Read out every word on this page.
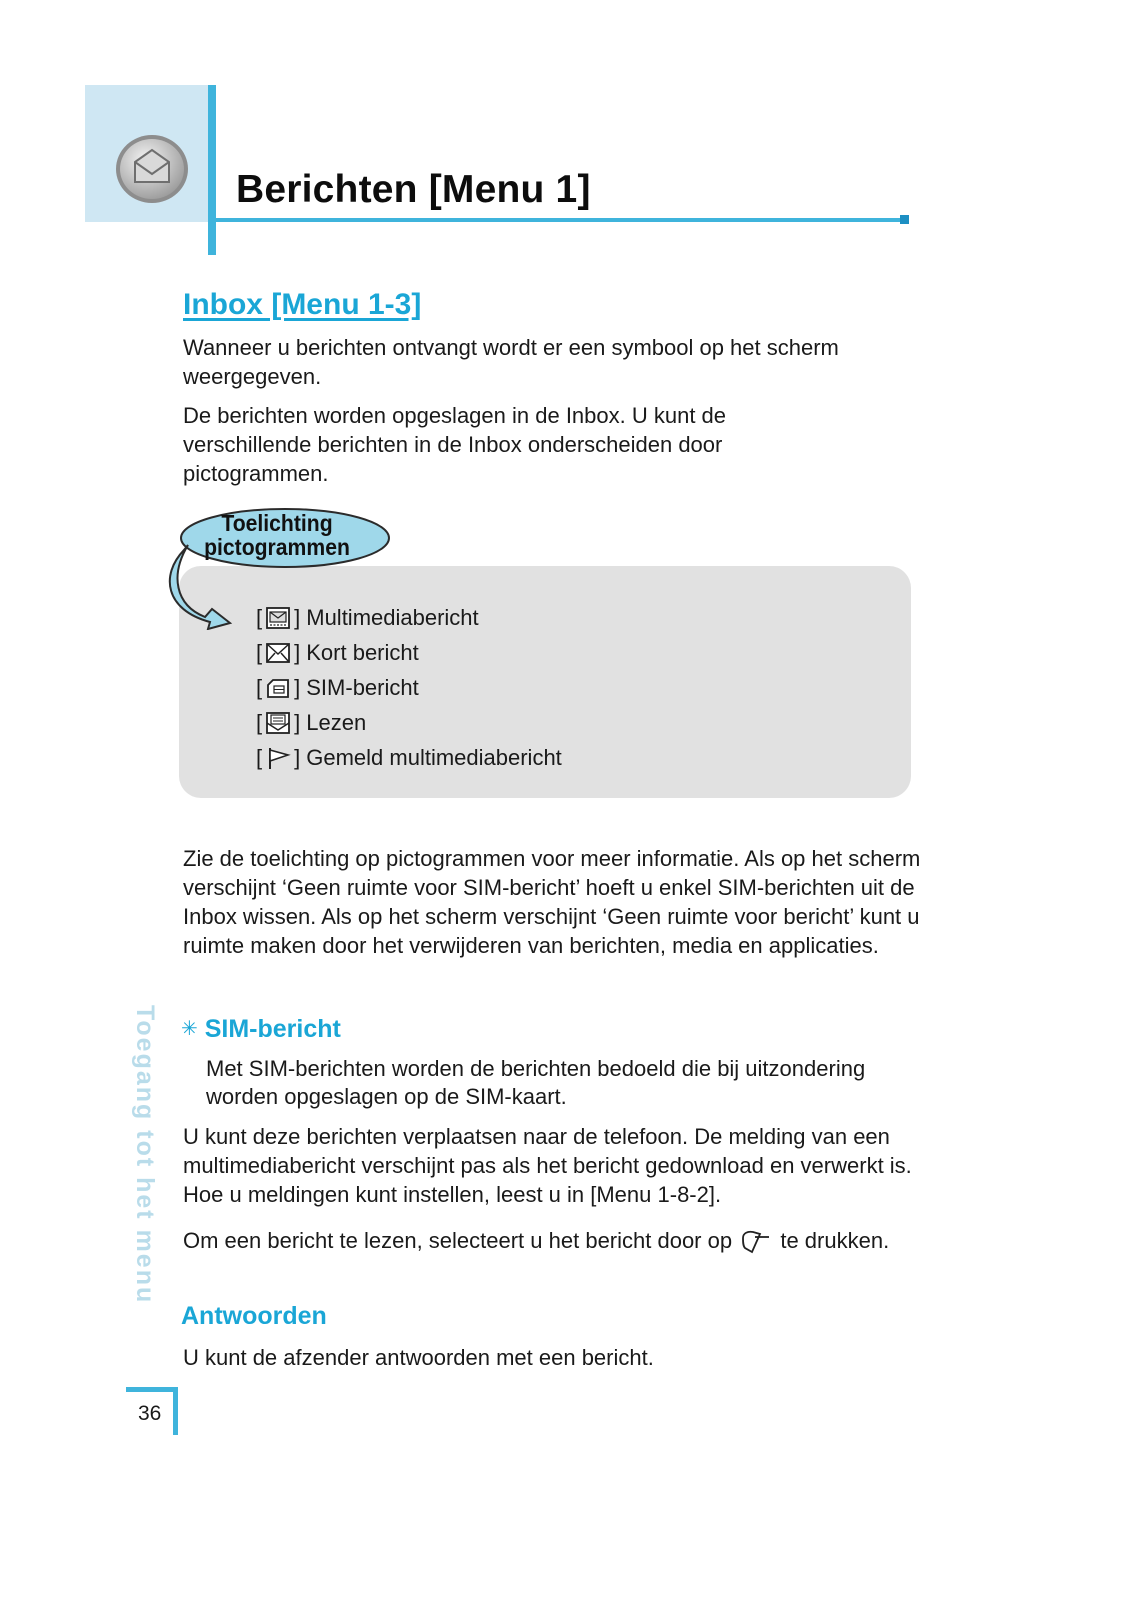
Berichten [Menu 1]
Inbox [Menu 1-3]

Wanneer u berichten ontvangt wordt er een symbool op het scherm weergegeven.

De berichten worden opgeslagen in de Inbox. U kunt de verschillende berichten in de Inbox onderscheiden door pictogrammen.

Toelichting
pictogrammen
[ ] Multimediabericht
[ ] Kort bericht
[ ] SIM-bericht
[ ] Lezen
[ ] Gemeld multimediabericht

Zie de toelichting op pictogrammen voor meer informatie. Als op het scherm verschijnt ‘Geen ruimte voor SIM-bericht’ hoeft u enkel SIM-berichten uit de Inbox wissen. Als op het scherm verschijnt ‘Geen ruimte voor bericht’ kunt u ruimte maken door het verwijderen van berichten, media en applicaties.

✳ SIM-bericht

Met SIM-berichten worden de berichten bedoeld die bij uitzondering worden opgeslagen op de SIM-kaart.

U kunt deze berichten verplaatsen naar de telefoon. De melding van een multimediabericht verschijnt pas als het bericht gedownload en verwerkt is. Hoe u meldingen kunt instellen, leest u in [Menu 1-8-2].

Om een bericht te lezen, selecteert u het bericht door op te drukken.

Antwoorden

U kunt de afzender antwoorden met een bericht.

Toegang tot het menu
36
